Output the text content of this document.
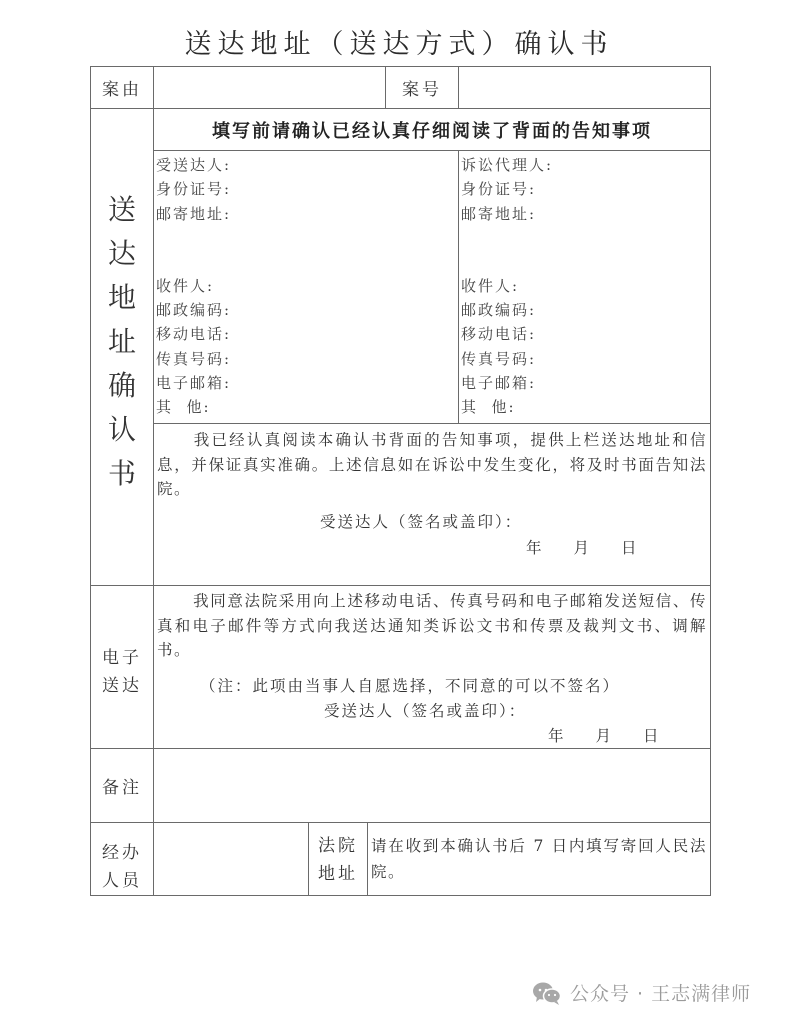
送达地址（送达方式）确认书
案由	案号
送
达
地
址
确
认
书
填写前请确认已经认真仔细阅读了背面的告知事项
受送达人:
身份证号:
邮寄地址:
收件人:
邮政编码:
移动电话:
传真号码:
电子邮箱:
其  他:
诉讼代理人:
身份证号:
邮寄地址:
收件人:
邮政编码:
移动电话:
传真号码:
电子邮箱:
其  他:
我已经认真阅读本确认书背面的告知事项，提供上栏送达地址和信息，并保证真实准确。上述信息如在诉讼中发生变化，将及时书面告知法院。
受送达人（签名或盖印）：
年 月 日
电子
送达
我同意法院采用向上述移动电话、传真号码和电子邮箱发送短信、传真和电子邮件等方式向我送达通知类诉讼文书和传票及裁判文书、调解书。
（注：此项由当事人自愿选择，不同意的可以不签名）
受送达人（签名或盖印）：
年 月 日
备注
经办
人员
法院
地址
请在收到本确认书后 7 日内填写寄回人民法院。
公众号 · 王志满律师
